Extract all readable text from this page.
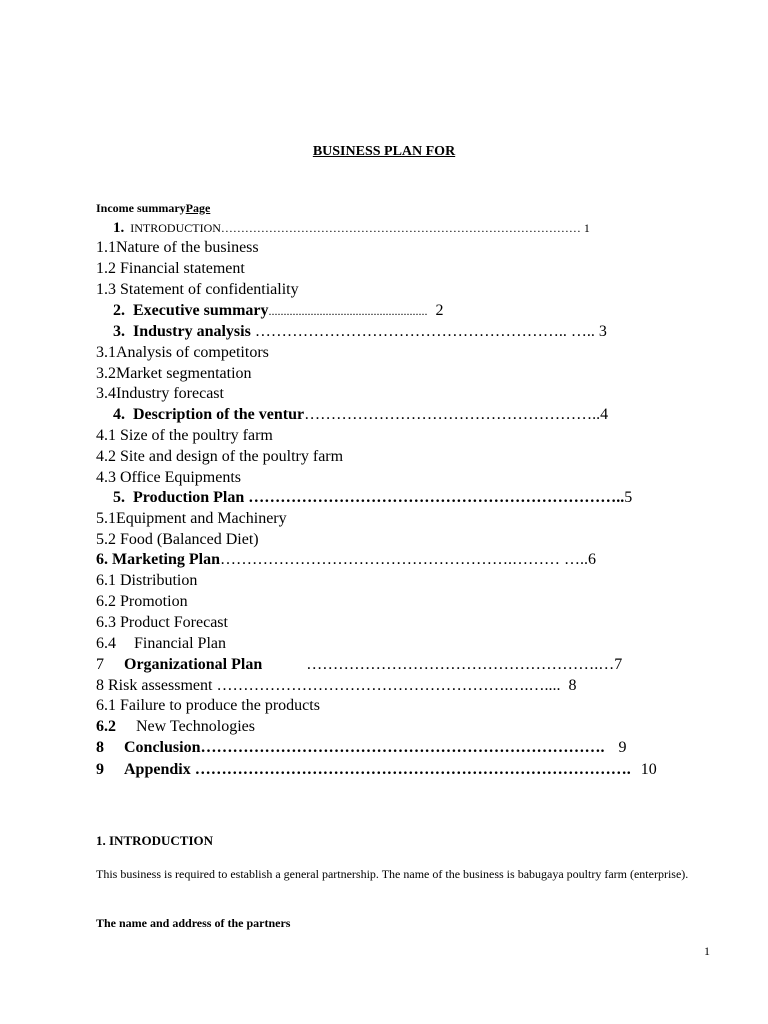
BUSINESS PLAN FOR
Income summaryPage
1. INTRODUCTION……………………………………………………………………………… 1
1.1Nature of the business
1.2 Financial statement
1.3 Statement of confidentiality
2. Executive summary..................................................... 2
3. Industry analysis ………………………………………………….. ….. 3
3.1Analysis of competitors
3.2Market segmentation
3.4Industry forecast
4. Description of the ventur………………………………………………..4
4.1 Size of the poultry farm
4.2 Site and design of the poultry farm
4.3 Office Equipments
5. Production Plan ……………………………………………………………..5
5.1Equipment and Machinery
5.2 Food (Balanced Diet)
6. Marketing Plan……………………………………………….……… …..6
6.1 Distribution
6.2 Promotion
6.3 Product Forecast
6.4 Financial Plan
7 Organizational Plan	……………………………………………….…7
8 Risk assessment ……………………………………………….….….... 8
6.1 Failure to produce the products
6.2 New Technologies
8 Conclusion…………………………………………………………………. 9
9 Appendix ………………………………………………………………………. 10
1. INTRODUCTION
This business is required to establish a general partnership. The name of the business is babugaya poultry farm (enterprise).
The name and address of the partners
1
